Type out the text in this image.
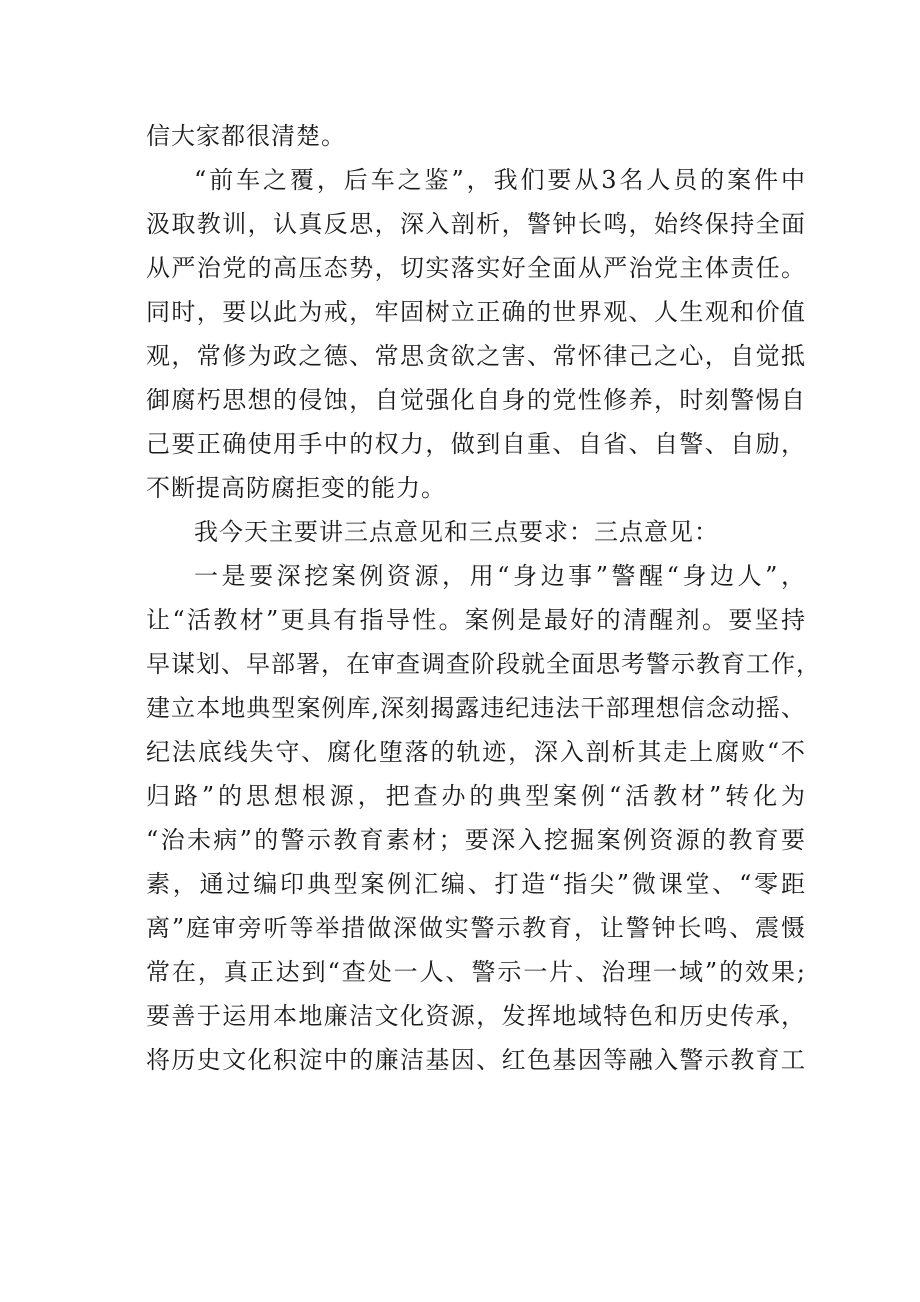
信大家都很清楚。
“前车之覆，后车之鉴”，我们要从3名人员的案件中
汲取教训，认真反思，深入剖析，警钟长鸣，始终保持全面
从严治党的高压态势，切实落实好全面从严治党主体责任。
同时，要以此为戒，牢固树立正确的世界观、人生观和价值
观，常修为政之德、常思贪欲之害、常怀律己之心，自觉抵
御腐朽思想的侵蚀，自觉强化自身的党性修养，时刻警惕自
己要正确使用手中的权力，做到自重、自省、自警、自励，
不断提高防腐拒变的能力。
我今天主要讲三点意见和三点要求：三点意见：
一是要深挖案例资源，用“身边事”警醒“身边人”，
让“活教材”更具有指导性。案例是最好的清醒剂。要坚持
早谋划、早部署，在审查调查阶段就全面思考警示教育工作，
建立本地典型案例库,深刻揭露违纪违法干部理想信念动摇、
纪法底线失守、腐化堕落的轨迹，深入剖析其走上腐败“不
归路”的思想根源，把查办的典型案例“活教材”转化为
“治未病”的警示教育素材；要深入挖掘案例资源的教育要
素，通过编印典型案例汇编、打造“指尖”微课堂、“零距
离”庭审旁听等举措做深做实警示教育，让警钟长鸣、震慑
常在，真正达到“查处一人、警示一片、治理一域”的效果;
要善于运用本地廉洁文化资源，发挥地域特色和历史传承，
将历史文化积淀中的廉洁基因、红色基因等融入警示教育工
